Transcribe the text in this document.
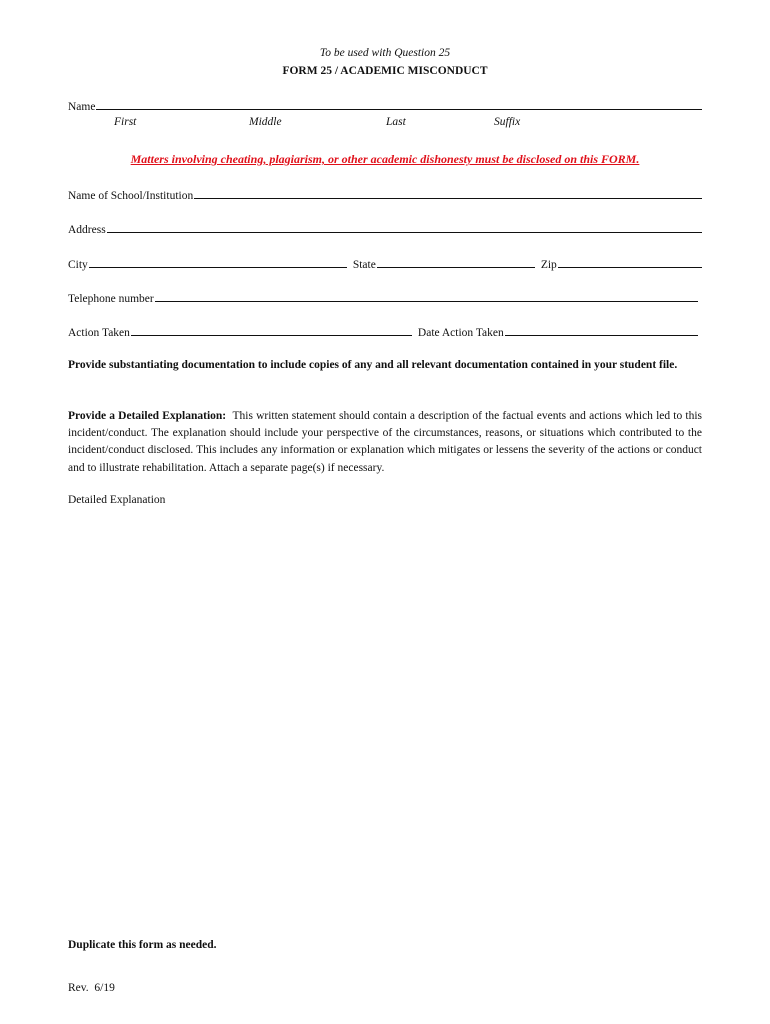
To be used with Question 25
FORM 25 / ACADEMIC MISCONDUCT
Name
First	Middle	Last	Suffix
Matters involving cheating, plagiarism, or other academic dishonesty must be disclosed on this FORM.
Name of School/Institution
Address
City	State	Zip
Telephone number
Action Taken	Date Action Taken
Provide substantiating documentation to include copies of any and all relevant documentation contained in your student file.
Provide a Detailed Explanation: This written statement should contain a description of the factual events and actions which led to this incident/conduct. The explanation should include your perspective of the circumstances, reasons, or situations which contributed to the incident/conduct disclosed. This includes any information or explanation which mitigates or lessens the severity of the actions or conduct and to illustrate rehabilitation. Attach a separate page(s) if necessary.
Detailed Explanation
Duplicate this form as needed.
Rev.  6/19
